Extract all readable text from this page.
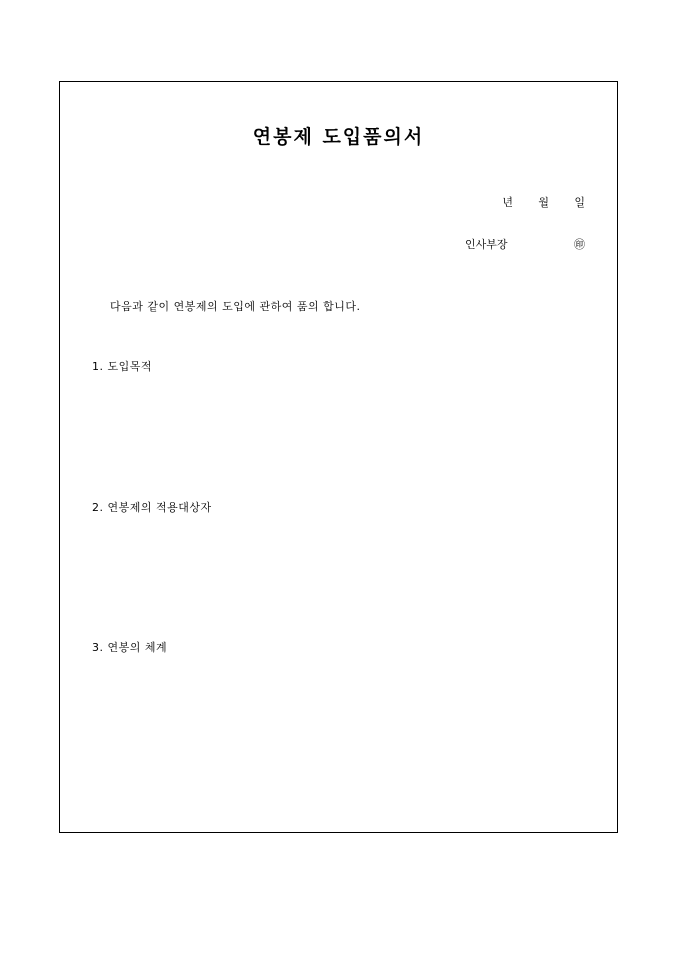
연봉제 도입품의서
년	월	일
인사부장	㊞
다음과 같이 연봉제의 도입에 관하여 품의 합니다.
1. 도입목적
2. 연봉제의 적용대상자
3. 연봉의 체계
